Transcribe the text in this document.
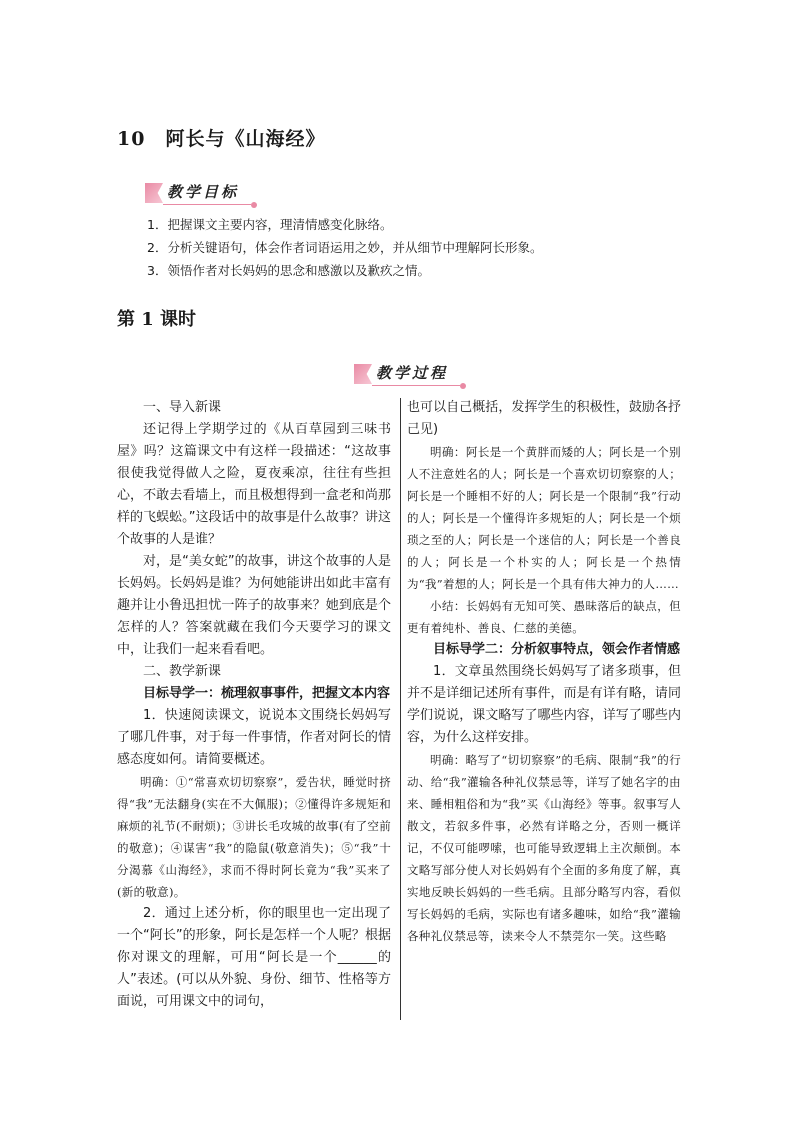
10 阿长与《山海经》
教学目标
1．把握课文主要内容，理清情感变化脉络。
2．分析关键语句，体会作者词语运用之妙，并从细节中理解阿长形象。
3．领悟作者对长妈妈的思念和感激以及歉疚之情。
第 1 课时
教学过程

一、导入新课

还记得上学期学过的《从百草园到三味书屋》吗？这篇课文中有这样一段描述：“这故事很使我觉得做人之险，夏夜乘凉，往往有些担心，不敢去看墙上，而且极想得到一盒老和尚那样的飞蜈蚣。”这段话中的故事是什么故事？讲这个故事的人是谁？

对，是“美女蛇”的故事，讲这个故事的人是长妈妈。长妈妈是谁？为何她能讲出如此丰富有趣并让小鲁迅担忧一阵子的故事来？她到底是个怎样的人？答案就藏在我们今天要学习的课文中，让我们一起来看看吧。

二、教学新课

目标导学一：梳理叙事事件，把握文本内容

1．快速阅读课文，说说本文围绕长妈妈写了哪几件事，对于每一件事情，作者对阿长的情感态度如何。请简要概述。

明确：①“常喜欢切切察察”，爱告状，睡觉时挤得“我”无法翻身(实在不大佩服)；②懂得许多规矩和麻烦的礼节(不耐烦)；③讲长毛攻城的故事(有了空前的敬意)；④谋害“我”的隐鼠(敬意消失)；⑤“我”十分渴慕《山海经》，求而不得时阿长竟为“我”买来了(新的敬意)。

2．通过上述分析，你的眼里也一定出现了一个“阿长”的形象，阿长是怎样一个人呢？根据你对课文的理解，可用“阿长是一个______的人”表述。(可以从外貌、身份、细节、性格等方面说，可用课文中的词句，

也可以自己概括，发挥学生的积极性，鼓励各抒己见)

明确：阿长是一个黄胖而矮的人；阿长是一个别人不注意姓名的人；阿长是一个喜欢切切察察的人；阿长是一个睡相不好的人；阿长是一个限制“我”行动的人；阿长是一个懂得许多规矩的人；阿长是一个烦琐之至的人；阿长是一个迷信的人；阿长是一个善良的人；阿长是一个朴实的人；阿长是一个热情为“我”着想的人；阿长是一个具有伟大神力的人……

小结：长妈妈有无知可笑、愚昧落后的缺点，但更有着纯朴、善良、仁慈的美德。

目标导学二：分析叙事特点，领会作者情感

1．文章虽然围绕长妈妈写了诸多琐事，但并不是详细记述所有事件，而是有详有略，请同学们说说，课文略写了哪些内容，详写了哪些内容，为什么这样安排。

明确：略写了“切切察察”的毛病、限制“我”的行动、给“我”灌输各种礼仪禁忌等，详写了她名字的由来、睡相粗俗和为“我”买《山海经》等事。叙事写人散文，若叙多件事，必然有详略之分，否则一概详记，不仅可能啰嗦，也可能导致逻辑上主次颠倒。本文略写部分使人对长妈妈有个全面的多角度了解，真实地反映长妈妈的一些毛病。且部分略写内容，看似写长妈妈的毛病，实际也有诸多趣味，如给“我”灌输各种礼仪禁忌等，读来令人不禁莞尔一笑。这些略
